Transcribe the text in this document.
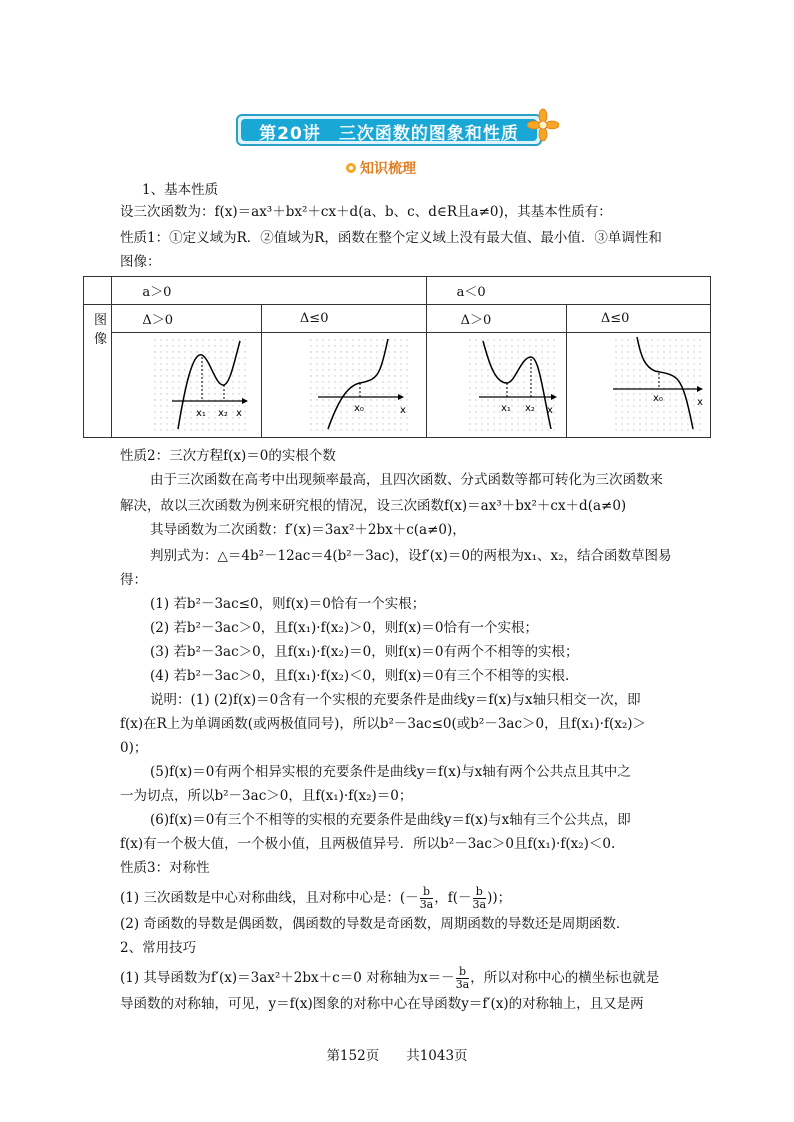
第20讲　三次函数的图象和性质
知识梳理
1、基本性质
设三次函数为：f(x)＝ax³＋bx²＋cx＋d(a、b、c、d∈R且a≠0)，其基本性质有：
性质1：①定义域为R．②值域为R，函数在整个定义域上没有最大值、最小值．③单调性和
图像：
	a＞0		a＜0	
图像	Δ＞0	Δ≤0	Δ＞0	Δ≤0

x₁ x₂ x	x₀ x	x₁ x₂ x	x₀ x
性质2：三次方程f(x)＝0的实根个数
由于三次函数在高考中出现频率最高，且四次函数、分式函数等都可转化为三次函数来
解决，故以三次函数为例来研究根的情况，设三次函数f(x)＝ax³＋bx²＋cx＋d(a≠0)
其导函数为二次函数：f′(x)＝3ax²＋2bx＋c(a≠0)，
判别式为：△＝4b²－12ac＝4(b²－3ac)，设f′(x)＝0的两根为x₁、x₂，结合函数草图易
得：
(1) 若b²－3ac≤0，则f(x)＝0恰有一个实根；
(2) 若b²－3ac＞0，且f(x₁)·f(x₂)＞0，则f(x)＝0恰有一个实根；
(3) 若b²－3ac＞0，且f(x₁)·f(x₂)＝0，则f(x)＝0有两个不相等的实根；
(4) 若b²－3ac＞0，且f(x₁)·f(x₂)＜0，则f(x)＝0有三个不相等的实根.
说明：(1) (2)f(x)＝0含有一个实根的充要条件是曲线y＝f(x)与x轴只相交一次，即
f(x)在R上为单调函数(或两极值同号)，所以b²－3ac≤0(或b²－3ac＞0，且f(x₁)·f(x₂)＞
0)；
(5)f(x)＝0有两个相异实根的充要条件是曲线y＝f(x)与x轴有两个公共点且其中之
一为切点，所以b²－3ac＞0，且f(x₁)·f(x₂)＝0；
(6)f(x)＝0有三个不相等的实根的充要条件是曲线y＝f(x)与x轴有三个公共点，即
f(x)有一个极大值，一个极小值，且两极值异号．所以b²－3ac＞0且f(x₁)·f(x₂)＜0.
性质3：对称性
(1) 三次函数是中心对称曲线，且对称中心是：(－ $\frac{b}{3a}$ ，$f(- \frac{b}{3a}$ ))；
(2) 奇函数的导数是偶函数，偶函数的导数是奇函数，周期函数的导数还是周期函数．
2、常用技巧
(1) 其导函数为f′(x)＝3ax²＋2bx＋c＝0 对称轴为$x=- \frac{b}{3a}$ ，所以对称中心的横坐标也就是
导函数的对称轴，可见，y＝f(x)图象的对称中心在导函数y＝f′(x)的对称轴上，且又是两
第152页　　共1043页
